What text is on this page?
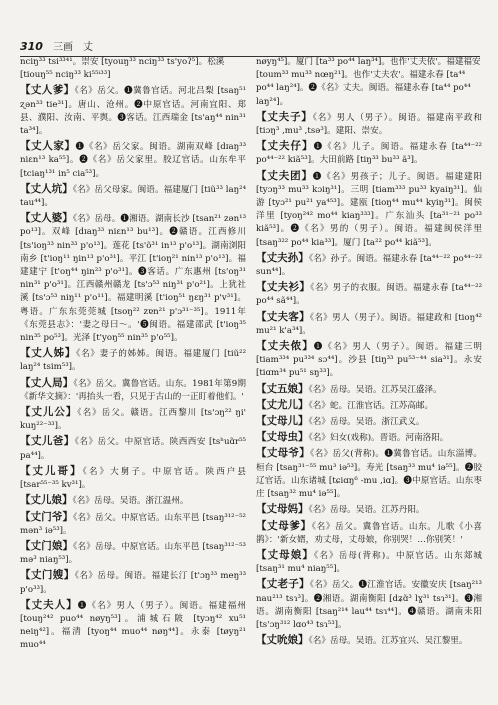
310 三画 丈
nciŋ³³ tsi³³⁴¹。崇安 [tyouŋ³³ nciŋ³³ ts'yoʔ⁵]。松溪 [tiouŋ⁵⁵ nciŋ³³ ki⁵⁵ⁱ³³]
【 丈人爹 】 《名》岳父。❶冀鲁官话。河北吕梨 [tsaŋ⁵¹ ʐən³³ tie³¹]。唐山、沧州。❷中原官话。河南宜阳、郑县、濮阳、汝南、平舆。❸客话。江西瑞金 [ts'aŋ⁴⁴ nin³¹ ta³⁴]。
【 丈人家 】 ❶《名》岳父家。闽语。湖南双峰 [dɪaŋ³³ niɛn¹³ ka⁵⁵]。❷《名》岳父家里。胶辽官话。山东牟平 [tciaŋ¹³¹ in⁵ cia⁵³]。
【 丈人坑 】 《名》岳父母家。闽语。福建厦门 [tiũ³³ laŋ²⁴ tau⁴⁴]。
【 丈人婆 】 《名》岳母。❶湘语。湖南长沙 [tsan²¹ zən¹³ po¹³]。双峰 [dɪaŋ³³ niɛn¹³ bu¹³]。❷赣语。江西修川 [ts'ioŋ³³ nin³³ p'o¹³]。莲花 [ts'õ³¹ in¹³ p'o¹³]。湖南浏阳南乡 [t'ioŋ¹¹ ŋin¹³ p'o³¹]。平江 [t'ioŋ²¹ nin¹³ p'o¹³]。福建建宁 [t'oŋ⁴⁴ ŋin²³ p'o³¹]。❸客话。广东惠州 [ts'oŋ³¹ nin³¹ p'o³¹]。江西赣州赣龙 [ts'ɔ⁵³ niŋ³¹ p'o²¹]。上犹社溪 [ts'ɔ⁵³ niŋ¹¹ p'o¹¹]。福建明溪 [t'ioŋ⁵¹ ŋɛŋ³¹ p'v³¹]。粤语。广东东莞莞城 [tsoŋ²² zɐn²¹ p'ɔ³¹⁻³⁵]。1911年《东莞县志》：'妻之母曰～。'❺闽语。福建邵武 [t'ioŋ³⁵ nin³⁵ po⁵³]。光泽 [t'yoŋ⁵⁵ nin³⁵ p'o⁵⁵]。
【 丈人姊 】 《名》妻子的姊姊。闽语。福建厦门 [tiũ²² laŋ²⁴ tsim⁵³]。
【 丈人局 】 《名》岳父。冀鲁官话。山东。1981年第9期《新华文摘》：'再抬头一看，只见于古山的一正盯着他们。'
【 丈儿公 】 《名》岳父。赣语。江西黎川 [ts'ɔŋ²² ŋi' kuŋ²²⁻³³]。
【 丈儿爸 】 《名》岳父。中原官话。陕西西安 [tsʰuɑ̃r⁵⁵ pa⁴⁴]。
【 丈儿哥 】 《名》大舅子。中原官话。陕西户县 [tsar⁵⁵⁻³⁵ kv³¹]。
【 丈儿娘 】 《名》岳母。吴语。浙江温州。
【 丈门爷 】 《名》岳父。中原官话。山东平邑 [tsaŋ³¹²⁻⁵² mən³ iə⁵³]。
【 丈门娘 】 《名》岳母。中原官话。山东平邑 [tsaŋ³¹²⁻⁵³ mə³ niaŋ⁵³]。
【 丈门嫂 】 《名》岳母。闽语。福建长汀 [t'ɔŋ³³ meŋ³³ p'o³³]。
【 丈夫人 】 ❶《名》男人（男子）。闽语。福建福州 [touŋ²⁴² puo⁴⁴ nøyŋ⁵³]。浦城石陂 [tyɔŋ⁴² xu⁵¹ neiŋ⁴²]。福清 [tyoŋ⁴⁴ muo⁴⁴ nøŋ⁴⁴]。永泰 [tøyŋ²¹ muo⁴⁴
nøyŋ⁴⁵]。厦门 [ta³³ po⁴⁴ laŋ³⁴]。也作'丈夫依'。福建福安 [toum³³ mu³³ nœŋ²¹]。也作'丈夫农'。福建永春 [ta⁴⁴ po⁴⁴ laŋ²⁴]。❷《名》丈夫。闽语。福建永春 [ta⁴⁴ po⁴⁴ laŋ²⁴]。
【 丈夫子 】 《名》男人（男子）。闽语。福建南平政和 [tiɔŋ³ ,mu³ ,tsə³]。建阳、崇安。
【 丈夫仔 】 ❶《名》儿子。闽语。福建永春 [ta⁴⁴⁻²² po⁴⁴⁻²² kiã⁵³]。大田前路 [tiŋ³³ bu³³ ã³]。
【 丈夫团 】 ❶《名》男孩子；儿子。闽语。福建建阳 [tyɔŋ³³ mu³³ kɔiŋ³¹]。三明 [tiam³³³ pu³³ kyaiŋ³¹]。仙游 [tyɔ²¹ pu²¹ ya⁴⁵³]。建瓯 [tioŋ⁴⁴ mu⁴⁴ kyiŋ³¹]。闽侯洋里 [tyoŋ²⁴² mo⁴⁴ kiaŋ³³³]。广东汕头 [ta³¹⁻²¹ po³³ kiã⁵³]。❷《名》男的（男子）。闽语。福建闽侯洋里 [tsaŋ³²² po⁴⁴ kia³³]。厦门 [ta²² po⁴⁴ kiã⁵³]。
【 丈夫孙 】 《名》孙子。闽语。福建永春 [ta⁴⁴⁻²² po⁴⁴⁻²² sun⁴⁴]。
【 丈夫衫 】 《名》男子的衣服。闽语。福建永春 [ta⁴⁴⁻²² po⁴⁴ sã⁴⁴]。
【 丈夫客 】 《名》男人（男子）。闽语。福建政和 [tioŋ⁴² mu²¹ k'a³⁴]。
【 丈夫侬 】 ❶《名》男人（男子）。闽语。福建三明 [tiam³³⁴ pu³³⁴ sɔ⁴⁴]。沙县 [tiŋ³³ pu⁵³⁻⁴⁴ sia³¹]。永安 [tiɑm³⁴ pu⁵¹ sŋ³³]。
【 丈五娘 】 《名》岳母。吴语。江苏吴江盛泽。
【 丈尤儿 】 《名》蛇。江淮官话。江苏高邮。
【 丈母儿 】 《名》岳母。吴语。浙江武义。
【 丈母虫 】 《名》妇女(戏称)。晋语。河南洛阳。
【 丈母爷 】 《名》岳父(背称)。❶冀鲁官话。山东淄博。桓台 [tsaŋ³¹⁻⁵⁵ mu³ iə⁵³]。寿光 [tsaŋ³³ mu⁴ iə⁵⁵]。❷胶辽官话。山东诸城 [tɕiɑŋ⁶ -mu ,iɑ]。❸中原官话。山东枣庄 [tsaŋ³² mu⁴ iə⁵⁵]。
【 丈母妈 】 《名》岳母。吴语。江苏丹阳。
【 丈母爹 】 《名》岳父。冀鲁官话。山东。儿歌《小喜鹊》：'新女婿，劝丈母，丈母娘，你别哭！…你别笑！'
【 丈母娘 】 《名》岳母(背称)。中原官话。山东郯城 [tsaŋ³¹ mu⁴ niaŋ⁵⁵]。
【 丈老子 】 《名》岳父。❶江淮官话。安徽安庆 [tsaŋ²¹³ nau²¹³ tsɿ³]。❷湘语。湖南衡阳 [dʑɑ̃³ lɣ³¹ tsɿ³¹]。❸湘语。湖南衡阳 [tsaŋ²¹⁴ lau⁴⁴ tsɿ⁴⁴]。❹赣语。湖南耒阳 [ts'ɔŋ³¹² lɑo⁴³ tsɿ⁵³]。
【 丈吮娘 】 《名》岳母。吴语。江苏宜兴、吴江黎里。
